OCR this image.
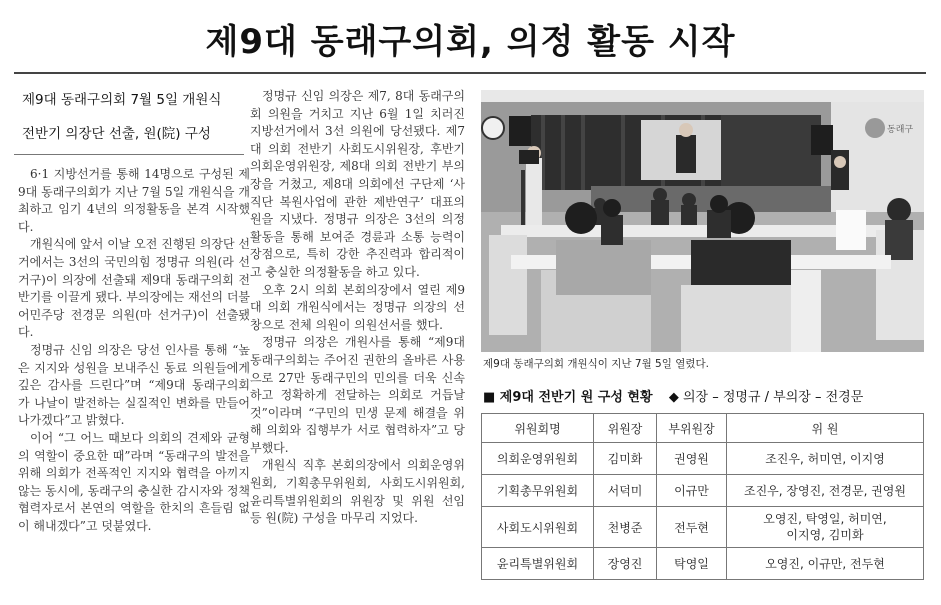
제9대 동래구의회, 의정 활동 시작
제9대 동래구의회 7월 5일 개원식
전반기 의장단 선출, 원(院) 구성

6·1 지방선거를 통해 14명으로 구성된 제9대 동래구의회가 지난 7월 5일 개원식을 개최하고 임기 4년의 의정활동을 본격 시작했다.

개원식에 앞서 이날 오전 진행된 의장단 선거에서는 3선의 국민의힘 정명규 의원(라 선거구)이 의장에 선출돼 제9대 동래구의회 전반기를 이끌게 됐다. 부의장에는 재선의 더불어민주당 전경문 의원(마 선거구)이 선출됐다.

정명규 신임 의장은 당선 인사를 통해 “높은 지지와 성원을 보내주신 동료 의원들에게 깊은 감사를 드린다”며 “제9대 동래구의회가 나날이 발전하는 실질적인 변화를 만들어 나가겠다”고 밝혔다.

이어 “그 어느 때보다 의회의 견제와 균형의 역할이 중요한 때”라며 “동래구의 발전을 위해 의회가 전폭적인 지지와 협력을 아끼지 않는 동시에, 동래구의 충실한 감시자와 정책 협력자로서 본연의 역할을 한치의 흔들림 없이 해내겠다”고 덧붙였다.

정명규 신임 의장은 제7, 8대 동래구의회 의원을 거치고 지난 6월 1일 치러진 지방선거에서 3선 의원에 당선됐다. 제7대 의회 전반기 사회도시위원장, 후반기 의회운영위원장, 제8대 의회 전반기 부의장을 거쳤고, 제8대 의회에선 구단제 ‘사직단 복원사업에 관한 제반연구’ 대표의원을 지냈다. 정명규 의장은 3선의 의정활동을 통해 보여준 경륜과 소통 능력이 장점으로, 특히 강한 추진력과 합리적이고 충실한 의정활동을 하고 있다.

오후 2시 의회 본회의장에서 열린 제9대 의회 개원식에서는 정명규 의장의 선창으로 전체 의원이 의원선서를 했다.

정명규 의장은 개원사를 통해 “제9대 동래구의회는 주어진 권한의 올바른 사용으로 27만 동래구민의 민의를 더욱 신속하고 정확하게 전달하는 의회로 거듭날 것”이라며 “구민의 민생 문제 해결을 위해 의회와 집행부가 서로 협력하자”고 당부했다.

개원식 직후 본회의장에서 의회운영위원회, 기획총무위원회, 사회도시위원회, 윤리특별위원회의 위원장 및 위원 선임 등 원(院) 구성을 마무리 지었다.

동래구
제9대 동래구의회 개원식이 지난 7월 5일 열렸다.
■ 제9대 전반기 원 구성 현황 ◆ 의장 – 정명규 / 부의장 – 전경문
위원회명	위원장	부위원장	위 원
의회운영위원회	김미화	권영원	조진우, 허미연, 이지영

기획총무위원회	서덕미	이규만	조진우, 장영진, 전경문, 권영원

사회도시위원회	천병준	전두현	오영진, 탁영일, 허미연,
이지영, 김미화

윤리특별위원회	장영진	탁영일	오영진, 이규만, 전두현
